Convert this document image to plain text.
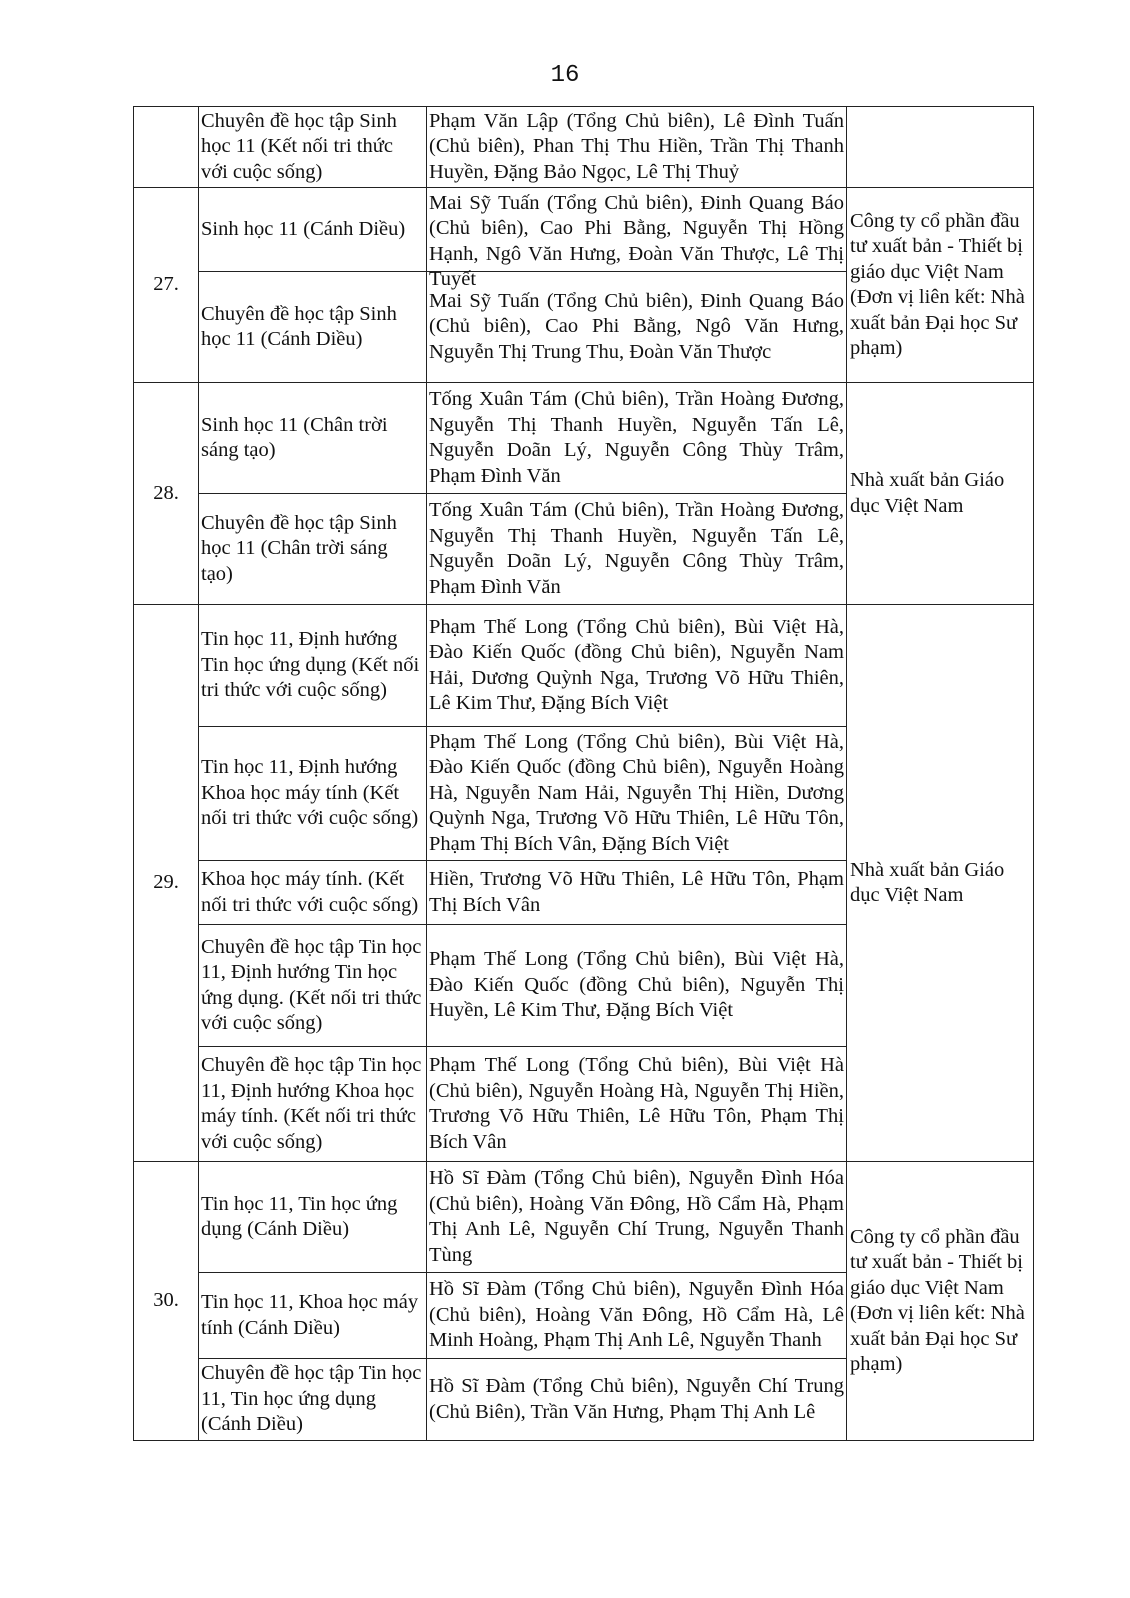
16
	Chuyên đề học tập Sinh học 11 (Kết nối tri thức với cuộc sống)	Phạm Văn Lập (Tổng Chủ biên), Lê Đình Tuấn (Chủ biên), Phan Thị Thu Hiền, Trần Thị Thanh Huyền, Đặng Bảo Ngọc, Lê Thị Thuỷ	
27.	Sinh học 11 (Cánh Diều)	Mai Sỹ Tuấn (Tổng Chủ biên), Đinh Quang Báo (Chủ biên), Cao Phi Bằng, Nguyễn Thị Hồng Hạnh, Ngô Văn Hưng, Đoàn Văn Thược, Lê Thị Tuyết	Công ty cổ phần đầu tư xuất bản - Thiết bị giáo dục Việt Nam (Đơn vị liên kết: Nhà xuất bản Đại học Sư phạm)
	Chuyên đề học tập Sinh học 11 (Cánh Diều)	Mai Sỹ Tuấn (Tổng Chủ biên), Đinh Quang Báo (Chủ biên), Cao Phi Bằng, Ngô Văn Hưng, Nguyễn Thị Trung Thu, Đoàn Văn Thược	
28.	Sinh học 11 (Chân trời sáng tạo)	Tống Xuân Tám (Chủ biên), Trần Hoàng Đương, Nguyễn Thị Thanh Huyền, Nguyễn Tấn Lê, Nguyễn Doãn Lý, Nguyễn Công Thùy Trâm, Phạm Đình Văn	Nhà xuất bản Giáo dục Việt Nam
	Chuyên đề học tập Sinh học 11 (Chân trời sáng tạo)	Tống Xuân Tám (Chủ biên), Trần Hoàng Đương, Nguyễn Thị Thanh Huyền, Nguyễn Tấn Lê, Nguyễn Doãn Lý, Nguyễn Công Thùy Trâm, Phạm Đình Văn	
29.	Tin học 11, Định hướng Tin học ứng dụng (Kết nối tri thức với cuộc sống)	Phạm Thế Long (Tổng Chủ biên), Bùi Việt Hà, Đào Kiến Quốc (đồng Chủ biên), Nguyễn Nam Hải, Dương Quỳnh Nga, Trương Võ Hữu Thiên, Lê Kim Thư, Đặng Bích Việt	Nhà xuất bản Giáo dục Việt Nam
	Tin học 11, Định hướng Khoa học máy tính (Kết nối tri thức với cuộc sống)	Phạm Thế Long (Tổng Chủ biên), Bùi Việt Hà, Đào Kiến Quốc (đồng Chủ biên), Nguyễn Hoàng Hà, Nguyễn Nam Hải, Nguyễn Thị Hiền, Dương Quỳnh Nga, Trương Võ Hữu Thiên, Lê Hữu Tôn, Phạm Thị Bích Vân, Đặng Bích Việt	
	Khoa học máy tính. (Kết nối tri thức với cuộc sống)	Hiền, Trương Võ Hữu Thiên, Lê Hữu Tôn, Phạm Thị Bích Vân	
	Chuyên đề học tập Tin học 11, Định hướng Tin học ứng dụng. (Kết nối tri thức với cuộc sống)	Phạm Thế Long (Tổng Chủ biên), Bùi Việt Hà, Đào Kiến Quốc (đồng Chủ biên), Nguyễn Thị Huyền, Lê Kim Thư, Đặng Bích Việt	
	Chuyên đề học tập Tin học 11, Định hướng Khoa học máy tính. (Kết nối tri thức với cuộc sống)	Phạm Thế Long (Tổng Chủ biên), Bùi Việt Hà (Chủ biên), Nguyễn Hoàng Hà, Nguyễn Thị Hiền, Trương Võ Hữu Thiên, Lê Hữu Tôn, Phạm Thị Bích Vân	
30.	Tin học 11, Tin học ứng dụng (Cánh Diều)	Hồ Sĩ Đàm (Tổng Chủ biên), Nguyễn Đình Hóa (Chủ biên), Hoàng Văn Đông, Hồ Cẩm Hà, Phạm Thị Anh Lê, Nguyễn Chí Trung, Nguyễn Thanh Tùng	Công ty cổ phần đầu tư xuất bản - Thiết bị giáo dục Việt Nam (Đơn vị liên kết: Nhà xuất bản Đại học Sư phạm)
	Tin học 11, Khoa học máy tính (Cánh Diều)	Hồ Sĩ Đàm (Tổng Chủ biên), Nguyễn Đình Hóa (Chủ biên), Hoàng Văn Đông, Hồ Cẩm Hà, Lê Minh Hoàng, Phạm Thị Anh Lê, Nguyễn Thanh	
	Chuyên đề học tập Tin học 11, Tin học ứng dụng (Cánh Diều)	Hồ Sĩ Đàm (Tổng Chủ biên), Nguyễn Chí Trung (Chủ Biên), Trần Văn Hưng, Phạm Thị Anh Lê	
